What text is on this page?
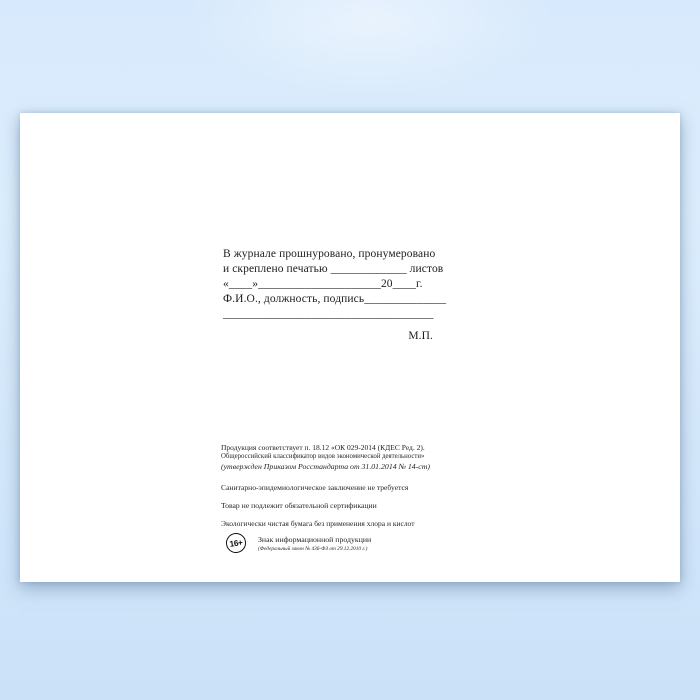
В журнале прошнуровано, пронумеровано
и скреплено печатью _____________ листов
«____»_____________________20____г.
Ф.И.О., должность, подпись______________
____________________________________
М.П.
Продукция соответствует п. 18.12 «ОК 029-2014 (КДЕС Ред. 2).
Общероссийский классификатор видов экономической деятельности»
(утвержден Приказом Росстандарта от 31.01.2014 № 14-ст)
Санитарно-эпидемиологическое заключение не требуется
Товар не подлежит обязательной сертификации
Экологически чистая бумага без применения хлора и кислот
16+	Знак информационной продукции
(Федеральный закон № 436-ФЗ от 29.12.2010 г.)
